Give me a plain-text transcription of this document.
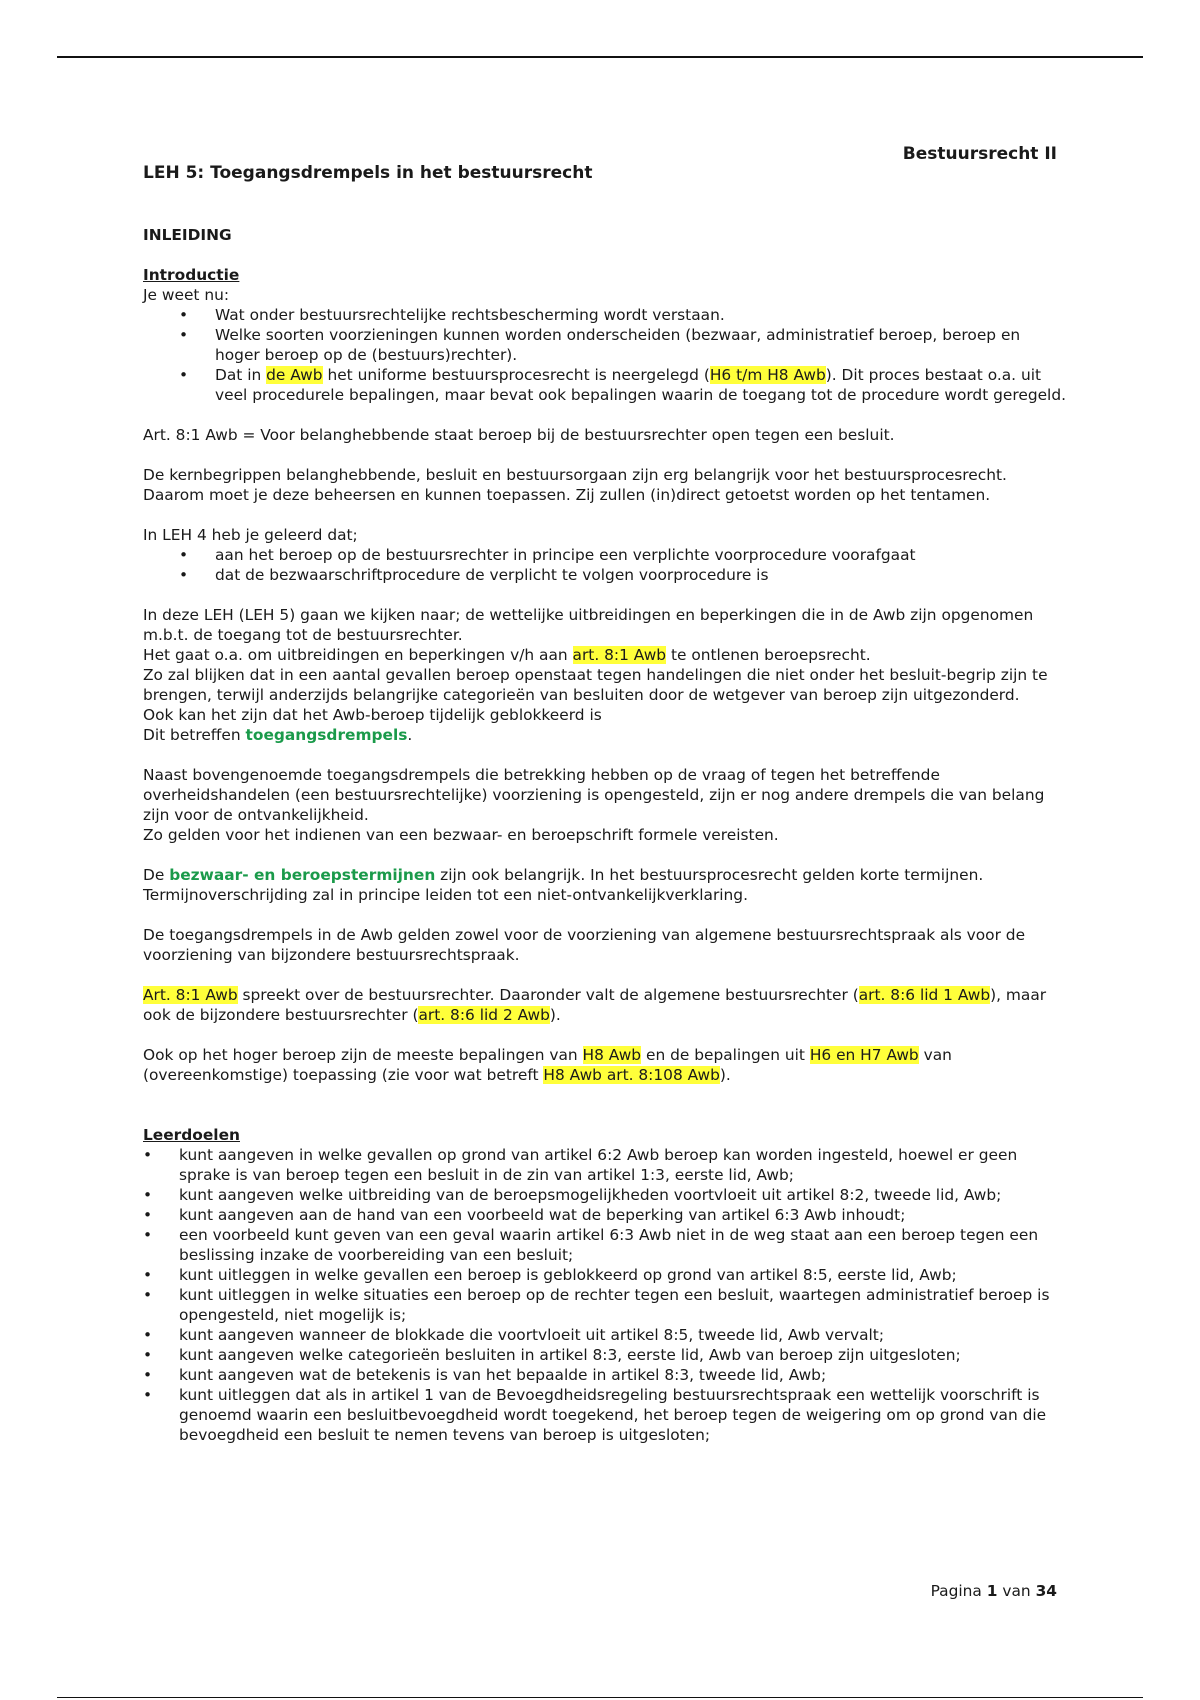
Bestuursrecht II

LEH 5: Toegangsdrempels in het bestuursrecht

INLEIDING

Introductie

Je weet nu:

• Wat onder bestuursrechtelijke rechtsbescherming wordt verstaan.
• Welke soorten voorzieningen kunnen worden onderscheiden (bezwaar, administratief beroep, beroep en hoger beroep op de (bestuurs)rechter).
• Dat in de Awb het uniforme bestuursprocesrecht is neergelegd (H6 t/m H8 Awb). Dit proces bestaat o.a. uit veel procedurele bepalingen, maar bevat ook bepalingen waarin de toegang tot de procedure wordt geregeld.

Art. 8:1 Awb = Voor belanghebbende staat beroep bij de bestuursrechter open tegen een besluit.

De kernbegrippen belanghebbende, besluit en bestuursorgaan zijn erg belangrijk voor het bestuursprocesrecht. Daarom moet je deze beheersen en kunnen toepassen. Zij zullen (in)direct getoetst worden op het tentamen.

In LEH 4 heb je geleerd dat;

• aan het beroep op de bestuursrechter in principe een verplichte voorprocedure voorafgaat
• dat de bezwaarschriftprocedure de verplicht te volgen voorprocedure is

In deze LEH (LEH 5) gaan we kijken naar; de wettelijke uitbreidingen en beperkingen die in de Awb zijn opgenomen m.b.t. de toegang tot de bestuursrechter.

Het gaat o.a. om uitbreidingen en beperkingen v/h aan art. 8:1 Awb te ontlenen beroepsrecht.

Zo zal blijken dat in een aantal gevallen beroep openstaat tegen handelingen die niet onder het besluit-begrip zijn te brengen, terwijl anderzijds belangrijke categorieën van besluiten door de wetgever van beroep zijn uitgezonderd.

Ook kan het zijn dat het Awb-beroep tijdelijk geblokkeerd is

Dit betreffen toegangsdrempels.

Naast bovengenoemde toegangsdrempels die betrekking hebben op de vraag of tegen het betreffende overheidshandelen (een bestuursrechtelijke) voorziening is opengesteld, zijn er nog andere drempels die van belang zijn voor de ontvankelijkheid.

Zo gelden voor het indienen van een bezwaar- en beroepschrift formele vereisten.

De bezwaar- en beroepstermijnen zijn ook belangrijk. In het bestuursprocesrecht gelden korte termijnen. Termijnoverschrijding zal in principe leiden tot een niet-ontvankelijkverklaring.

De toegangsdrempels in de Awb gelden zowel voor de voorziening van algemene bestuursrechtspraak als voor de voorziening van bijzondere bestuursrechtspraak.

Art. 8:1 Awb spreekt over de bestuursrechter. Daaronder valt de algemene bestuursrechter (art. 8:6 lid 1 Awb), maar ook de bijzondere bestuursrechter (art. 8:6 lid 2 Awb).

Ook op het hoger beroep zijn de meeste bepalingen van H8 Awb en de bepalingen uit H6 en H7 Awb van (overeenkomstige) toepassing (zie voor wat betreft H8 Awb art. 8:108 Awb).

Leerdoelen

• kunt aangeven in welke gevallen op grond van artikel 6:2 Awb beroep kan worden ingesteld, hoewel er geen sprake is van beroep tegen een besluit in de zin van artikel 1:3, eerste lid, Awb;
• kunt aangeven welke uitbreiding van de beroepsmogelijkheden voortvloeit uit artikel 8:2, tweede lid, Awb;
• kunt aangeven aan de hand van een voorbeeld wat de beperking van artikel 6:3 Awb inhoudt;
• een voorbeeld kunt geven van een geval waarin artikel 6:3 Awb niet in de weg staat aan een beroep tegen een beslissing inzake de voorbereiding van een besluit;
• kunt uitleggen in welke gevallen een beroep is geblokkeerd op grond van artikel 8:5, eerste lid, Awb;
• kunt uitleggen in welke situaties een beroep op de rechter tegen een besluit, waartegen administratief beroep is opengesteld, niet mogelijk is;
• kunt aangeven wanneer de blokkade die voortvloeit uit artikel 8:5, tweede lid, Awb vervalt;
• kunt aangeven welke categorieën besluiten in artikel 8:3, eerste lid, Awb van beroep zijn uitgesloten;
• kunt aangeven wat de betekenis is van het bepaalde in artikel 8:3, tweede lid, Awb;
• kunt uitleggen dat als in artikel 1 van de Bevoegdheidsregeling bestuursrechtspraak een wettelijk voorschrift is genoemd waarin een besluitbevoegdheid wordt toegekend, het beroep tegen de weigering om op grond van die bevoegdheid een besluit te nemen tevens van beroep is uitgesloten;
Pagina 1 van 34
